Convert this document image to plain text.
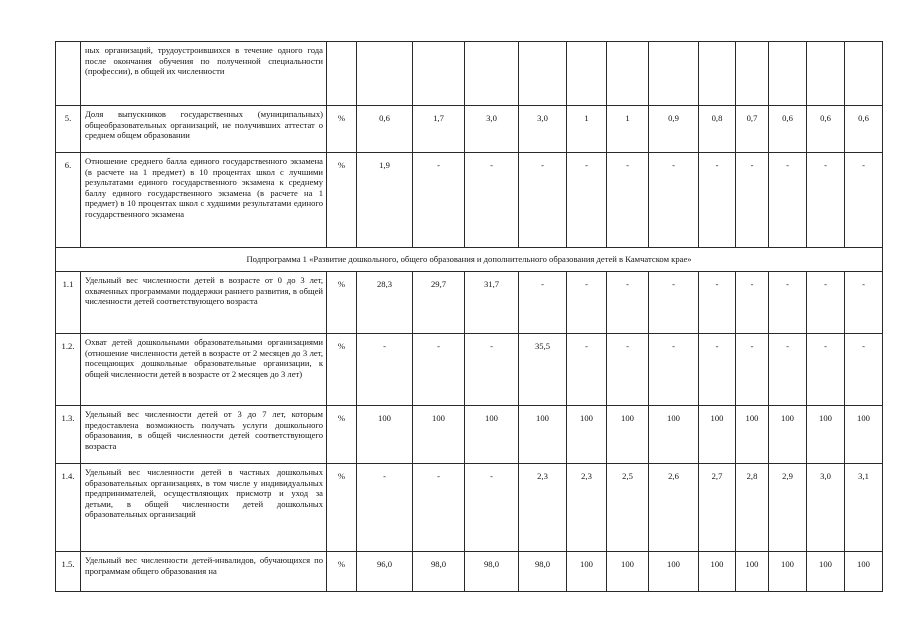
	ных организаций, трудоустроившихся в течение одного года после окончания обучения по полученной специальности (профессии), в общей их численности													
5.	Доля выпускников государственных (муниципальных) общеобразовательных организаций, не получивших аттестат о среднем общем образовании	%	0,6	1,7	3,0	3,0	1	1	0,9	0,8	0,7	0,6	0,6	0,6
6.	Отношение среднего балла единого государственного экзамена (в расчете на 1 предмет) в 10 процентах школ с лучшими результатами единого государственного экзамена к среднему баллу единого государственного экзамена (в расчете на 1 предмет) в 10 процентах школ с худшими результатами единого государственного экзамена	%	1,9	-	-	-	-	-	-	-	-	-	-	-
Подпрограмма 1 «Развитие дошкольного, общего образования и дополнительного образования детей в Камчатском крае»														
1.1	Удельный вес численности детей в возрасте от 0 до 3 лет, охваченных программами поддержки раннего развития, в общей численности детей соответствующего возраста	%	28,3	29,7	31,7	-	-	-	-	-	-	-	-	-
1.2.	Охват детей дошкольными образовательными организациями (отношение численности детей в возрасте от 2 месяцев до 3 лет, посещающих дошкольные образовательные организации, к общей численности детей в возрасте от 2 месяцев до 3 лет)	%	-	-	-	35,5	-	-	-	-	-	-	-	-
1.3.	Удельный вес численности детей от 3 до 7 лет, которым предоставлена возможность получать услуги дошкольного образования, в общей численности детей соответствующего возраста	%	100	100	100	100	100	100	100	100	100	100	100	100
1.4.	Удельный вес численности детей в частных дошкольных образовательных организациях, в том числе у индивидуальных предпринимателей, осуществляющих присмотр и уход за детьми, в общей численности детей дошкольных образовательных организаций	%	-	-	-	2,3	2,3	2,5	2,6	2,7	2,8	2,9	3,0	3,1
1.5.	Удельный вес численности детей-инвалидов, обучающихся по программам общего образования на	%	96,0	98,0	98,0	98,0	100	100	100	100	100	100	100	100
